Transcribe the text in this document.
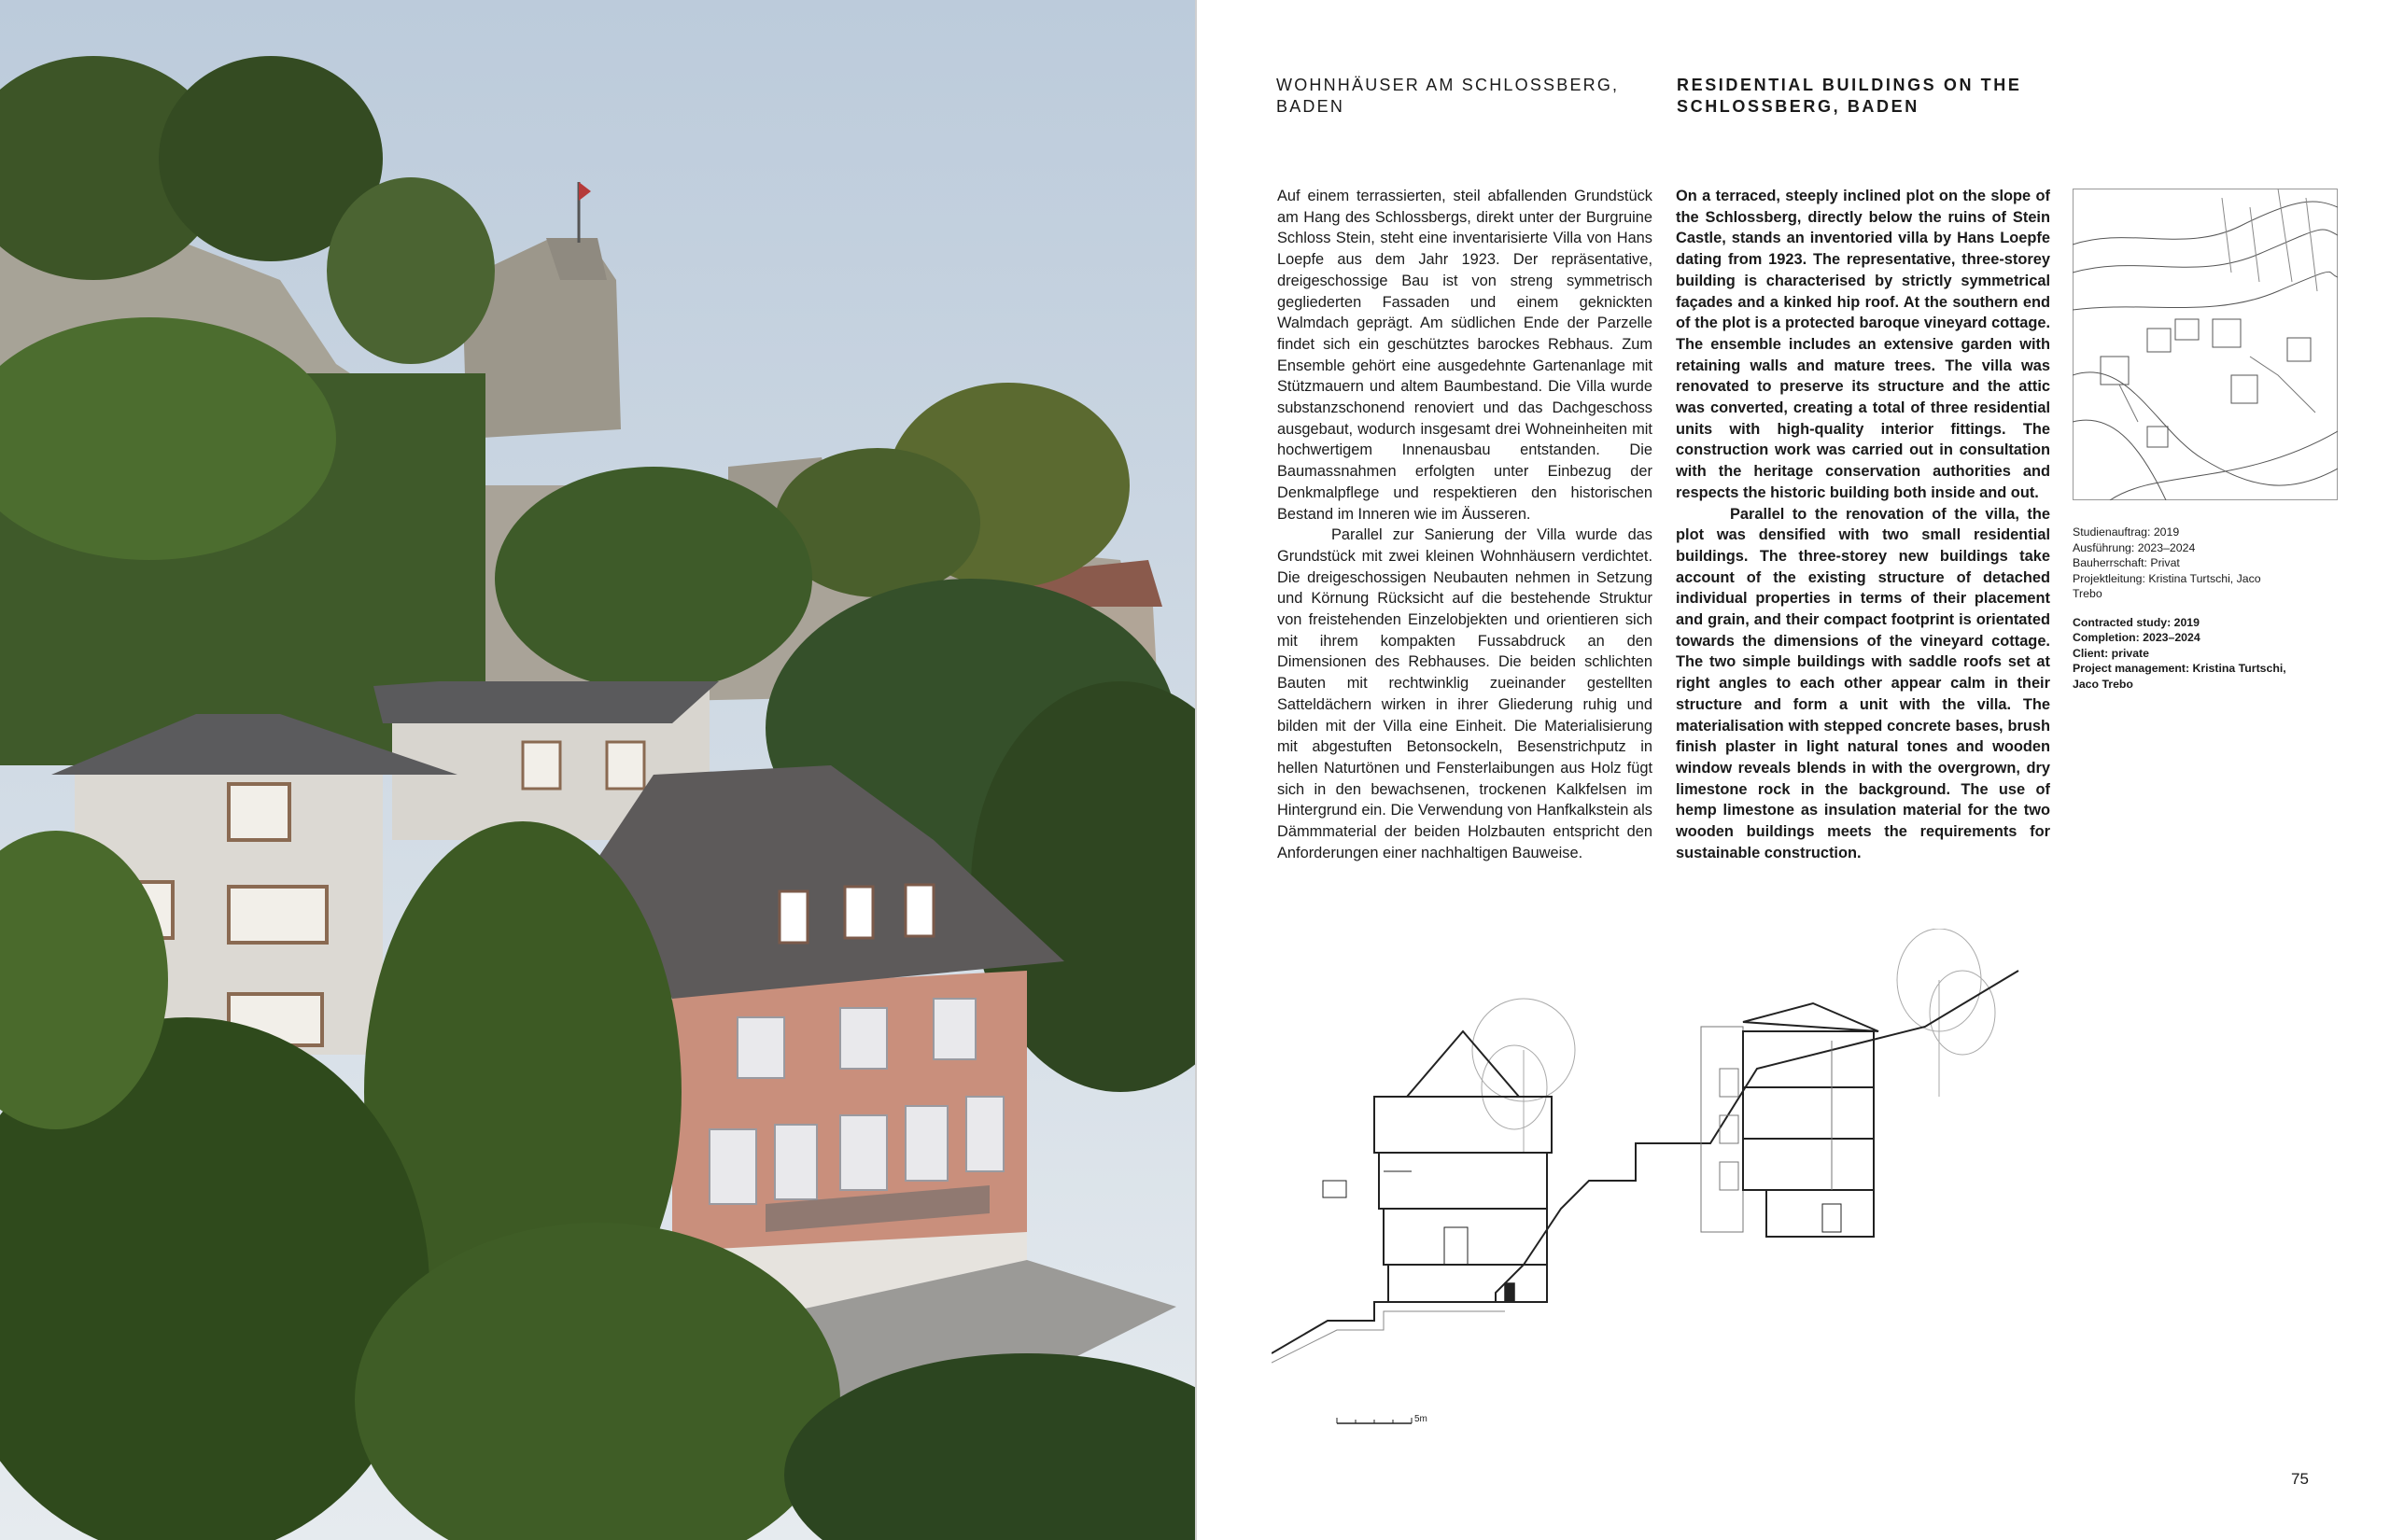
WOHNHÄUSER AM SCHLOSSBERG, BADEN
RESIDENTIAL BUILDINGS ON THE SCHLOSSBERG, BADEN

Auf einem terrassierten, steil abfallenden Grundstück am Hang des Schlossbergs, direkt unter der Burgruine Schloss Stein, steht eine inventarisierte Villa von Hans Loepfe aus dem Jahr 1923. Der repräsentative, dreigeschossige Bau ist von streng symmetrisch gegliederten Fassaden und einem geknickten Walmdach geprägt. Am südlichen Ende der Parzelle findet sich ein geschütztes barockes Rebhaus. Zum Ensemble gehört eine ausgedehnte Gartenanlage mit Stützmauern und altem Baumbestand. Die Villa wurde substanzschonend renoviert und das Dachgeschoss ausgebaut, wodurch insgesamt drei Wohneinheiten mit hochwertigem Innenausbau entstanden. Die Baumassnahmen erfolgten unter Einbezug der Denkmalpflege und respektieren den historischen Bestand im Inneren wie im Äusseren.

Parallel zur Sanierung der Villa wurde das Grundstück mit zwei kleinen Wohnhäusern verdichtet. Die dreigeschossigen Neubauten nehmen in Setzung und Körnung Rücksicht auf die bestehende Struktur von freistehenden Einzelobjekten und orientieren sich mit ihrem kompakten Fussabdruck an den Dimensionen des Rebhauses. Die beiden schlichten Bauten mit rechtwinklig zueinander gestellten Satteldächern wirken in ihrer Gliederung ruhig und bilden mit der Villa eine Einheit. Die Materialisierung mit abgestuften Betonsockeln, Besenstrichputz in hellen Naturtönen und Fensterlaibungen aus Holz fügt sich in den bewachsenen, trockenen Kalkfelsen im Hintergrund ein. Die Verwendung von Hanfkalkstein als Dämmmaterial der beiden Holzbauten entspricht den Anforderungen einer nachhaltigen Bauweise.

On a terraced, steeply inclined plot on the slope of the Schlossberg, directly below the ruins of Stein Castle, stands an inventoried villa by Hans Loepfe dating from 1923. The representative, three-storey building is characterised by strictly symmetrical façades and a kinked hip roof. At the southern end of the plot is a protected baroque vineyard cottage. The ensemble includes an extensive garden with retaining walls and mature trees. The villa was renovated to preserve its structure and the attic was converted, creating a total of three residential units with high-quality interior fittings. The construction work was carried out in consultation with the heritage conservation authorities and respects the historic building both inside and out.

Parallel to the renovation of the villa, the plot was densified with two small residential buildings. The three-storey new buildings take account of the existing structure of detached individual properties in terms of their placement and grain, and their compact footprint is orientated towards the dimensions of the vineyard cottage. The two simple buildings with saddle roofs set at right angles to each other appear calm in their structure and form a unit with the villa. The materialisation with stepped concrete bases, brush finish plaster in light natural tones and wooden window reveals blends in with the overgrown, dry limestone rock in the background. The use of hemp limestone as insulation material for the two wooden buildings meets the requirements for sustainable construction.

Studienauftrag: 2019
Ausführung: 2023–2024
Bauherrschaft: Privat
Projektleitung: Kristina Turtschi, Jaco Trebo
Contracted study: 2019
Completion: 2023–2024
Client: private
Project management: Kristina Turtschi, Jaco Trebo
5m
75
